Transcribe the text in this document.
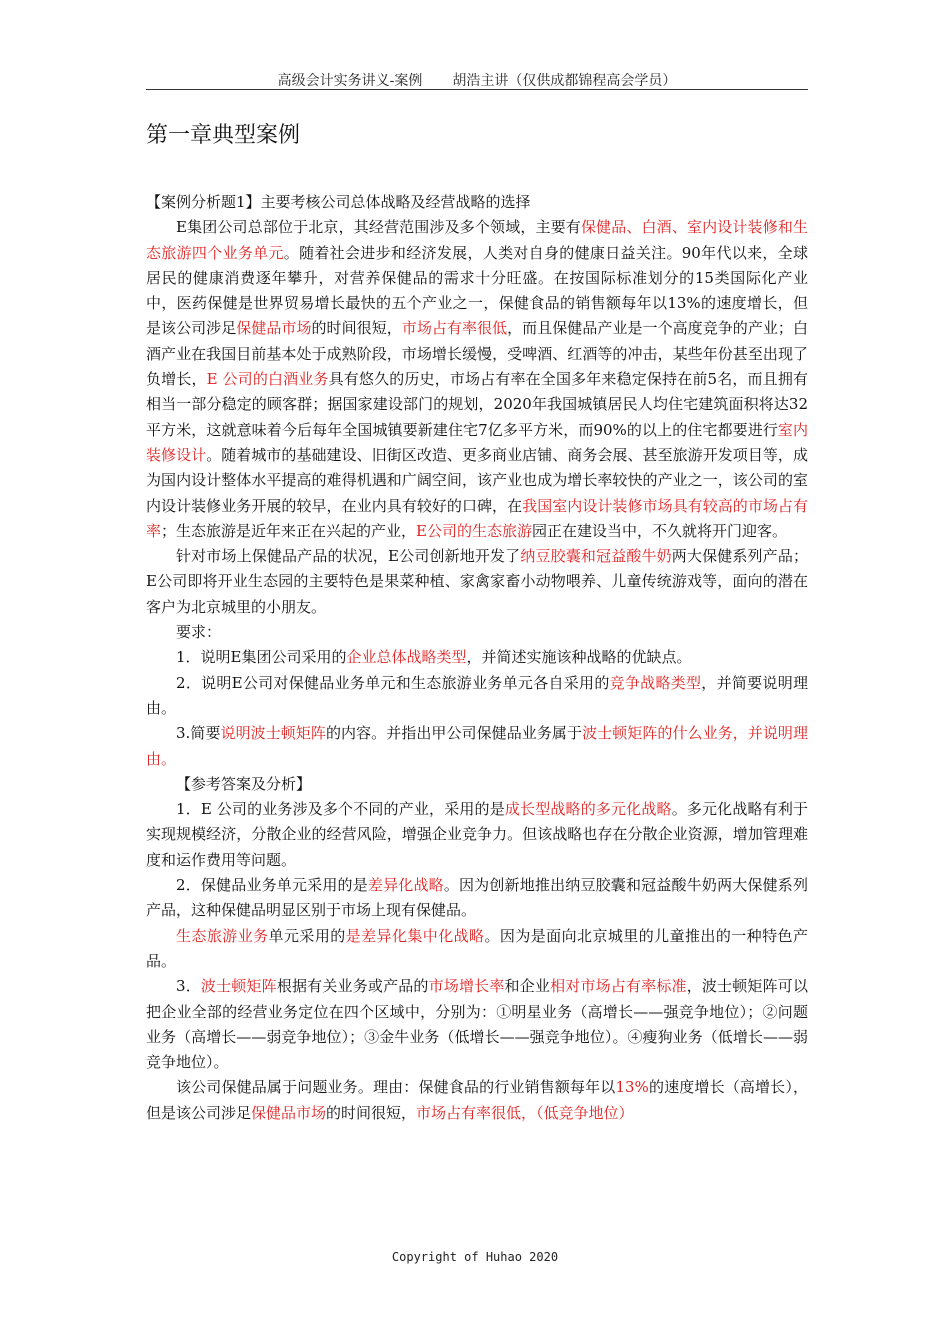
高级会计实务讲义-案例 胡浩主讲（仅供成都锦程高会学员）
第一章典型案例

【案例分析题1】主要考核公司总体战略及经营战略的选择

E集团公司总部位于北京，其经营范围涉及多个领域，主要有保健品、白酒、室内设计装修和生态旅游四个业务单元。随着社会进步和经济发展，人类对自身的健康日益关注。90年代以来，全球居民的健康消费逐年攀升，对营养保健品的需求十分旺盛。在按国际标准划分的15类国际化产业中，医药保健是世界贸易增长最快的五个产业之一，保健食品的销售额每年以13%的速度增长，但是该公司涉足保健品市场的时间很短，市场占有率很低，而且保健品产业是一个高度竞争的产业；白酒产业在我国目前基本处于成熟阶段，市场增长缓慢，受啤酒、红酒等的冲击，某些年份甚至出现了负增长，E 公司的白酒业务具有悠久的历史，市场占有率在全国多年来稳定保持在前5名，而且拥有相当一部分稳定的顾客群；据国家建设部门的规划，2020年我国城镇居民人均住宅建筑面积将达32平方米，这就意味着今后每年全国城镇要新建住宅7亿多平方米，而90%的以上的住宅都要进行室内装修设计。随着城市的基础建设、旧街区改造、更多商业店铺、商务会展、甚至旅游开发项目等，成为国内设计整体水平提高的难得机遇和广阔空间，该产业也成为增长率较快的产业之一，该公司的室内设计装修业务开展的较早，在业内具有较好的口碑，在我国室内设计装修市场具有较高的市场占有率；生态旅游是近年来正在兴起的产业，E公司的生态旅游园正在建设当中，不久就将开门迎客。

针对市场上保健品产品的状况，E公司创新地开发了纳豆胶囊和冠益酸牛奶两大保健系列产品；E公司即将开业生态园的主要特色是果菜种植、家禽家畜小动物喂养、儿童传统游戏等，面向的潜在客户为北京城里的小朋友。

要求：

1．说明E集团公司采用的企业总体战略类型，并简述实施该种战略的优缺点。

2．说明E公司对保健品业务单元和生态旅游业务单元各自采用的竞争战略类型，并简要说明理由。

3.简要说明波士顿矩阵的内容。并指出甲公司保健品业务属于波士顿矩阵的什么业务，并说明理由。

【参考答案及分析】

1．E 公司的业务涉及多个不同的产业，采用的是成长型战略的多元化战略。多元化战略有利于实现规模经济，分散企业的经营风险，增强企业竞争力。但该战略也存在分散企业资源，增加管理难度和运作费用等问题。

2．保健品业务单元采用的是差异化战略。因为创新地推出纳豆胶囊和冠益酸牛奶两大保健系列产品，这种保健品明显区别于市场上现有保健品。

生态旅游业务单元采用的是差异化集中化战略。因为是面向北京城里的儿童推出的一种特色产品。

3．波士顿矩阵根据有关业务或产品的市场增长率和企业相对市场占有率标准，波士顿矩阵可以把企业全部的经营业务定位在四个区域中，分别为：①明星业务（高增长——强竞争地位）；②问题业务（高增长——弱竞争地位）；③金牛业务（低增长——强竞争地位）。④瘦狗业务（低增长——弱竞争地位）。

该公司保健品属于问题业务。理由：保健食品的行业销售额每年以13%的速度增长（高增长），但是该公司涉足保健品市场的时间很短，市场占有率很低，（低竞争地位）

Copyright of Huhao 2020
